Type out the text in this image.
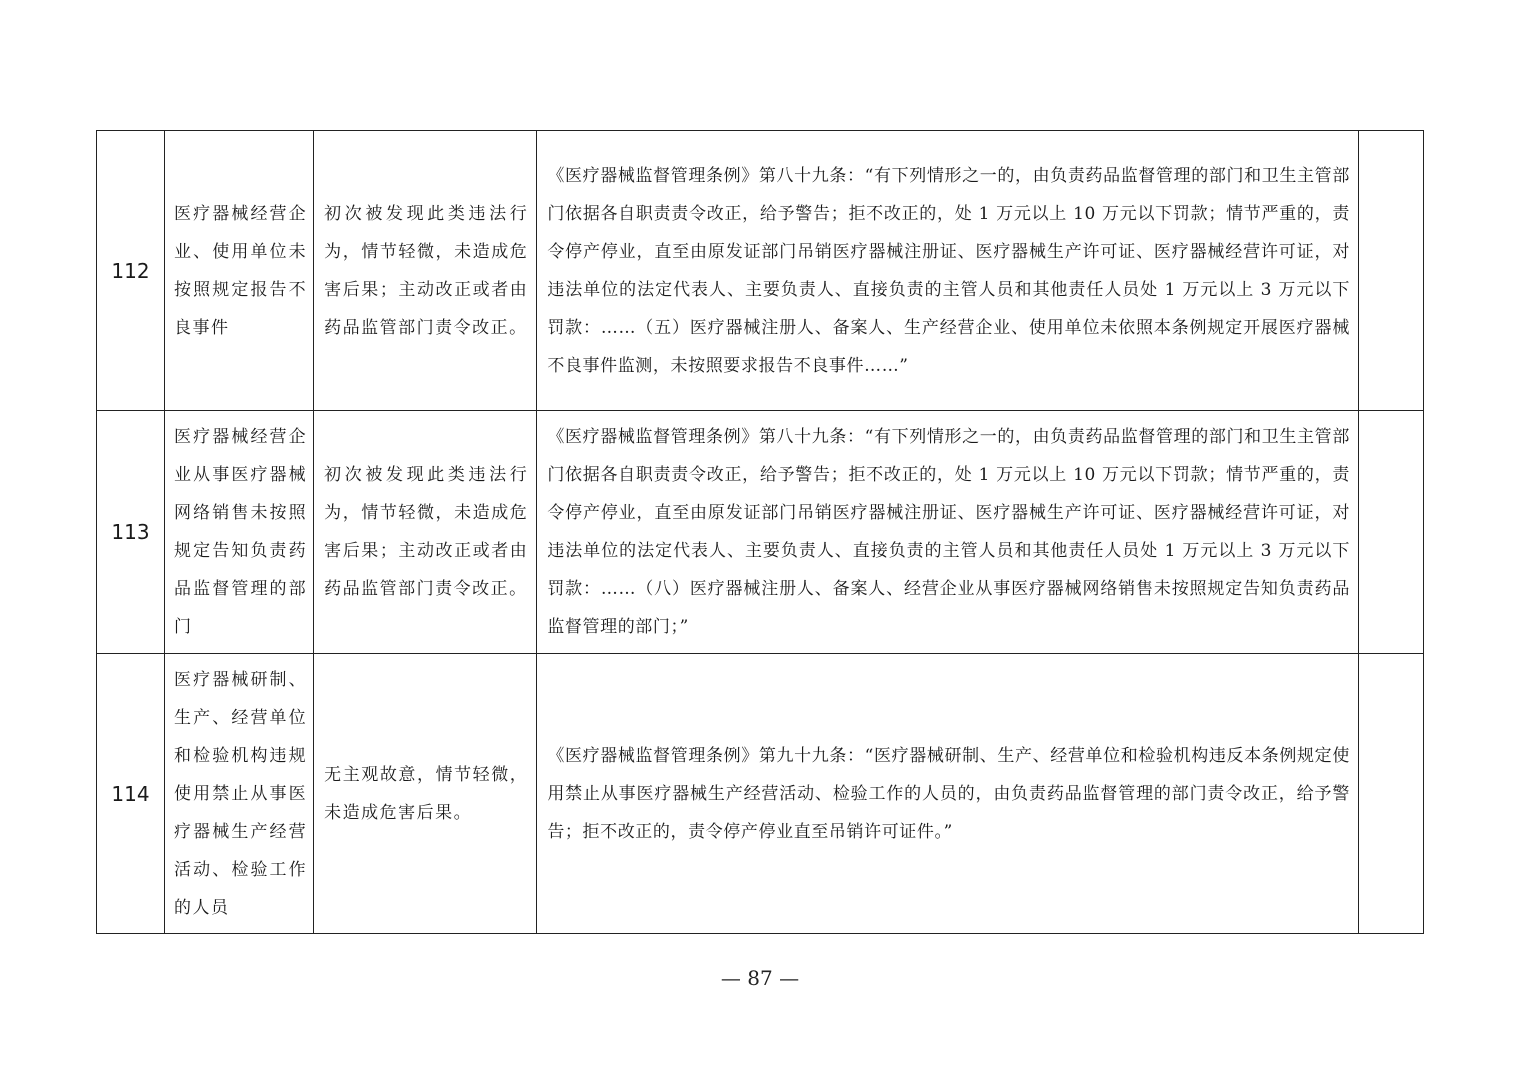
112	医疗器械经营企业、使用单位未按照规定报告不良事件	初次被发现此类违法行为，情节轻微，未造成危害后果；主动改正或者由药品监管部门责令改正。	《医疗器械监督管理条例》第八十九条：“有下列情形之一的，由负责药品监督管理的部门和卫生主管部门依据各自职责责令改正，给予警告；拒不改正的，处 1 万元以上 10 万元以下罚款；情节严重的，责令停产停业，直至由原发证部门吊销医疗器械注册证、医疗器械生产许可证、医疗器械经营许可证，对违法单位的法定代表人、主要负责人、直接负责的主管人员和其他责任人员处 1 万元以上 3 万元以下罚款：……（五）医疗器械注册人、备案人、生产经营企业、使用单位未依照本条例规定开展医疗器械不良事件监测，未按照要求报告不良事件……”	
113	医疗器械经营企业从事医疗器械网络销售未按照规定告知负责药品监督管理的部门	初次被发现此类违法行为，情节轻微，未造成危害后果；主动改正或者由药品监管部门责令改正。	《医疗器械监督管理条例》第八十九条：“有下列情形之一的，由负责药品监督管理的部门和卫生主管部门依据各自职责责令改正，给予警告；拒不改正的，处 1 万元以上 10 万元以下罚款；情节严重的，责令停产停业，直至由原发证部门吊销医疗器械注册证、医疗器械生产许可证、医疗器械经营许可证，对违法单位的法定代表人、主要负责人、直接负责的主管人员和其他责任人员处 1 万元以上 3 万元以下罚款：……（八）医疗器械注册人、备案人、经营企业从事医疗器械网络销售未按照规定告知负责药品监督管理的部门；”	
114	医疗器械研制、生产、经营单位和检验机构违规使用禁止从事医疗器械生产经营活动、检验工作的人员	无主观故意，情节轻微，未造成危害后果。	《医疗器械监督管理条例》第九十九条：“医疗器械研制、生产、经营单位和检验机构违反本条例规定使用禁止从事医疗器械生产经营活动、检验工作的人员的，由负责药品监督管理的部门责令改正，给予警告；拒不改正的，责令停产停业直至吊销许可证件。”	
— 87 —
